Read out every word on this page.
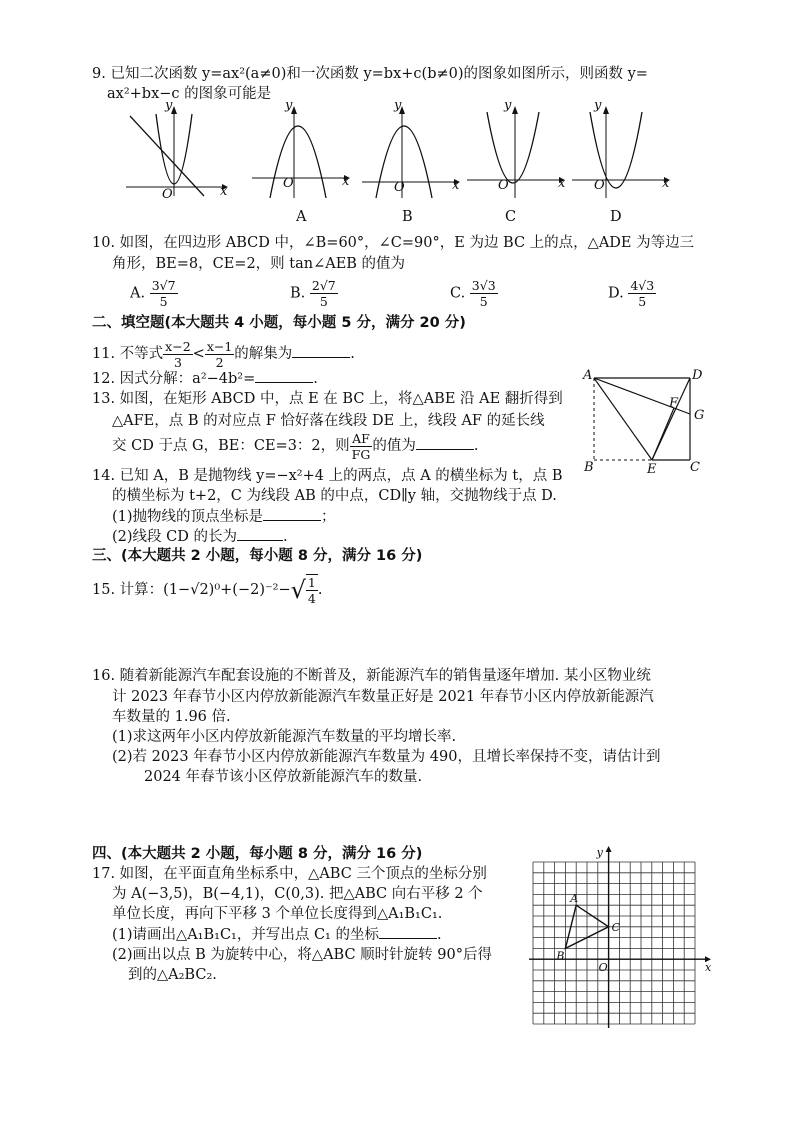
9. 已知二次函数 y=ax²(a≠0)和一次函数 y=bx+c(b≠0)的图象如图所示，则函数 y=
ax²+bx−c 的图象可能是
y
x
O
y
x
O
A
y
x
O
B
y
x
O
C
y
x
O
D
10. 如图，在四边形 ABCD 中，∠B=60°，∠C=90°，E 为边 BC 上的点，△ADE 为等边三
角形，BE=8，CE=2，则 tan∠AEB 的值为
A. $\frac{3√7}{5}$	B. $\frac{2√7}{5}$	C. $\frac{3√3}{5}$	D. $\frac{4√3}{5}$
二、填空题(本大题共 4 小题，每小题 5 分，满分 20 分)
11. 不等式 $\frac{x-2}{3} < \frac{x-1}{2}$ 的解集为	.
12. 因式分解：a²−4b²=	.
13. 如图，在矩形 ABCD 中，点 E 在 BC 上，将△ABE 沿 AE 翻折得到
△AFE，点 B 的对应点 F 恰好落在线段 DE 上，线段 AF 的延长线
交 CD 于点 G，BE：CE=3：2，则 $\frac{AF}{FG}$ 的值为	.
A	D
F
G
B	E	C
14. 已知 A，B 是抛物线 y=−x²+4 上的两点，点 A 的横坐标为 t，点 B
的横坐标为 t+2，C 为线段 AB 的中点，CD∥y 轴，交抛物线于点 D.
(1)抛物线的顶点坐标是	；
(2)线段 CD 的长为	.
三、(本大题共 2 小题，每小题 8 分，满分 16 分)
15. 计算：$(1-√2)^0+(-2)^{-2}-√ \frac{1}{4}$ .
16. 随着新能源汽车配套设施的不断普及，新能源汽车的销售量逐年增加. 某小区物业统
计 2023 年春节小区内停放新能源汽车数量正好是 2021 年春节小区内停放新能源汽
车数量的 1.96 倍.
(1)求这两年小区内停放新能源汽车数量的平均增长率.
(2)若 2023 年春节小区内停放新能源汽车数量为 490，且增长率保持不变，请估计到
2024 年春节该小区停放新能源汽车的数量.
四、(本大题共 2 小题，每小题 8 分，满分 16 分)
17. 如图，在平面直角坐标系中，△ABC 三个顶点的坐标分别
为 A(−3,5)，B(−4,1)，C(0,3). 把△ABC 向右平移 2 个
单位长度，再向下平移 3 个单位长度得到△A₁B₁C₁.
(1)请画出△A₁B₁C₁，并写出点 C₁ 的坐标	.
(2)画出以点 B 为旋转中心，将△ABC 顺时针旋转 90°后得
到的△A₂BC₂.
A
B
C
O	x
y
